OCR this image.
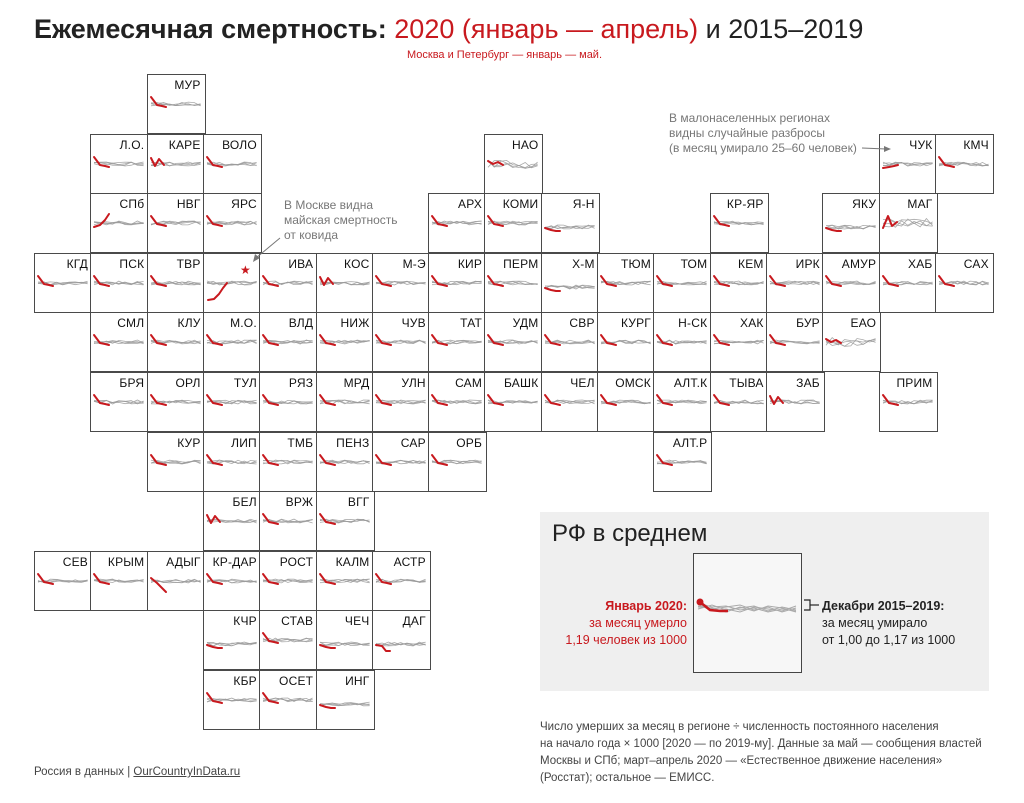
Ежемесячная смертность: 2020 (январь — апрель) и 2015–2019
Москва и Петербург — январь — май.
МУР
Л.О. КАРЕ ВОЛО	НАО	ЧУК	КМЧ
СПб	НВГ	ЯРС	АРХ КОМИ	Я-Н	КР-ЯР	ЯКУ	МАГ
КГД	ПСК	ТВР	★	ИВА	КОС	М-Э	КИР ПЕРМ	Х-М ТЮМ ТОМ	КЕМ	ИРК АМУР	ХАБ	САХ
СМЛ	КЛУ М.О.	ВЛД НИЖ	ЧУВ	ТАТ	УДМ	СВР КУРГ Н-СК	ХАК	БУР	ЕАО
БРЯ	ОРЛ	ТУЛ	РЯЗ	МРД	УЛН САМ БАШК	ЧЕЛ ОМСК АЛТ.К ТЫВА	ЗАБ	ПРИМ
КУР	ЛИП	ТМБ ПЕНЗ	САР	ОРБ	АЛТ.Р
БЕЛ ВРЖ	ВГГ
СЕВ КРЫМ АДЫГ КР-ДАР РОСТ КАЛМ АСТР
КЧР СТАВ	ЧЕЧ	ДАГ
КБР ОСЕТ	ИНГ
В Москве видна
майская смертность
от ковида
В малонаселенных регионах
видны случайные разбросы
(в месяц умирало 25–60 человек)
РФ в среднем
Январь 2020:
за месяц умерло
1,19 человек из 1000
Декабри 2015–2019:
за месяц умирало
от 1,00 до 1,17 из 1000
Число умерших за месяц в регионе ÷ численность постоянного населения
на начало года × 1000 [2020 — по 2019-му]. Данные за май — сообщения властей
Москвы и СПб; март–апрель 2020 — «Естественное движение населения»
(Росстат); остальное — ЕМИСС.
Россия в данных | OurCountryInData.ru
